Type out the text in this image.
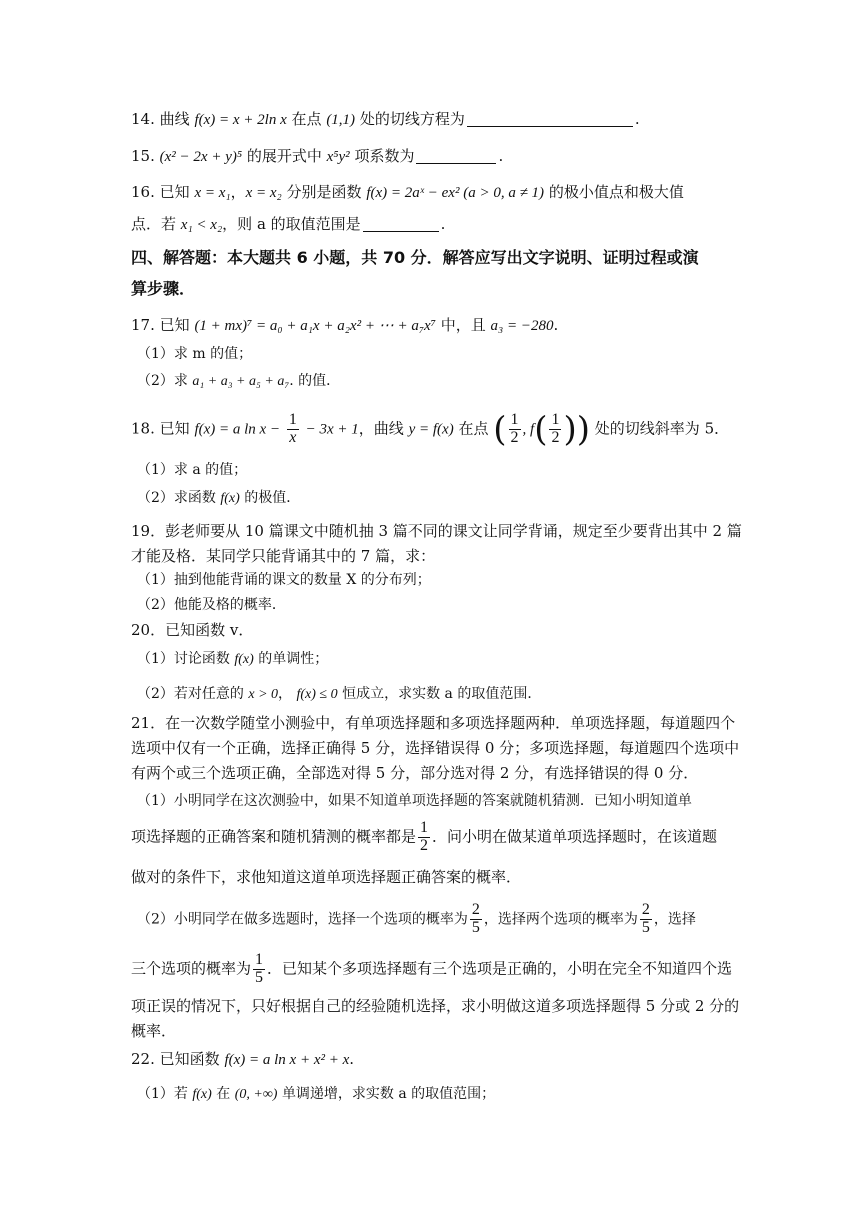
14. 曲线 f(x) = x + 2ln x 在点 (1,1) 处的切线方程为	.
15. (x² − 2x + y)⁵ 的展开式中 x⁵y² 项系数为	.
16. 已知 x = x₁，x = x₂ 分别是函数 f(x) = 2aˣ − ex² (a > 0, a ≠ 1) 的极小值点和极大值
点．若 x₁ < x₂，则 a 的取值范围是	.
四、解答题：本大题共 6 小题，共 70 分．解答应写出文字说明、证明过程或演
算步骤．
17. 已知 (1 + mx)⁷ = a₀ + a₁x + a₂x² + ⋯ + a₇x⁷ 中，且 a₃ = −280.
（1）求 m 的值；
（2）求 a₁ + a₃ + a₅ + a₇. 的值．
18. 已知 f(x) = a $\ln x - \frac{1}{x} - 3x + 1$，曲线 y = f(x) 在点 ( $\frac{1}{2}$ , $f( \frac{1}{2}$ )) 处的切线斜率为 5．
（1）求 a 的值；
（2）求函数 f(x) 的极值．
19．彭老师要从 10 篇课文中随机抽 3 篇不同的课文让同学背诵，规定至少要背出其中 2 篇
才能及格．某同学只能背诵其中的 7 篇，求：
（1）抽到他能背诵的课文的数量 X 的分布列；
（2）他能及格的概率．
20．已知函数 v．
（1）讨论函数 f(x) 的单调性；
（2）若对任意的 x > 0， f(x) ≤ 0 恒成立，求实数 a 的取值范围．
21．在一次数学随堂小测验中，有单项选择题和多项选择题两种．单项选择题，每道题四个
选项中仅有一个正确，选择正确得 5 分，选择错误得 0 分；多项选择题，每道题四个选项中
有两个或三个选项正确，全部选对得 5 分，部分选对得 2 分，有选择错误的得 0 分．
（1）小明同学在这次测验中，如果不知道单项选择题的答案就随机猜测．已知小明知道单
项选择题的正确答案和随机猜测的概率都是 $\frac{1}{2}$ ．问小明在做某道单项选择题时，在该道题
做对的条件下，求他知道这道单项选择题正确答案的概率．
（2）小明同学在做多选题时，选择一个选项的概率为 $\frac{2}{5}$ ，选择两个选项的概率为 $\frac{2}{5}$ ，选择
三个选项的概率为 $\frac{1}{5}$ ．已知某个多项选择题有三个选项是正确的，小明在完全不知道四个选
项正误的情况下，只好根据自己的经验随机选择，求小明做这道多项选择题得 5 分或 2 分的
概率．
22. 已知函数 f(x) = a ln x + x² + x.
（1）若 f(x) 在 (0, +∞) 单调递增，求实数 a 的取值范围；
